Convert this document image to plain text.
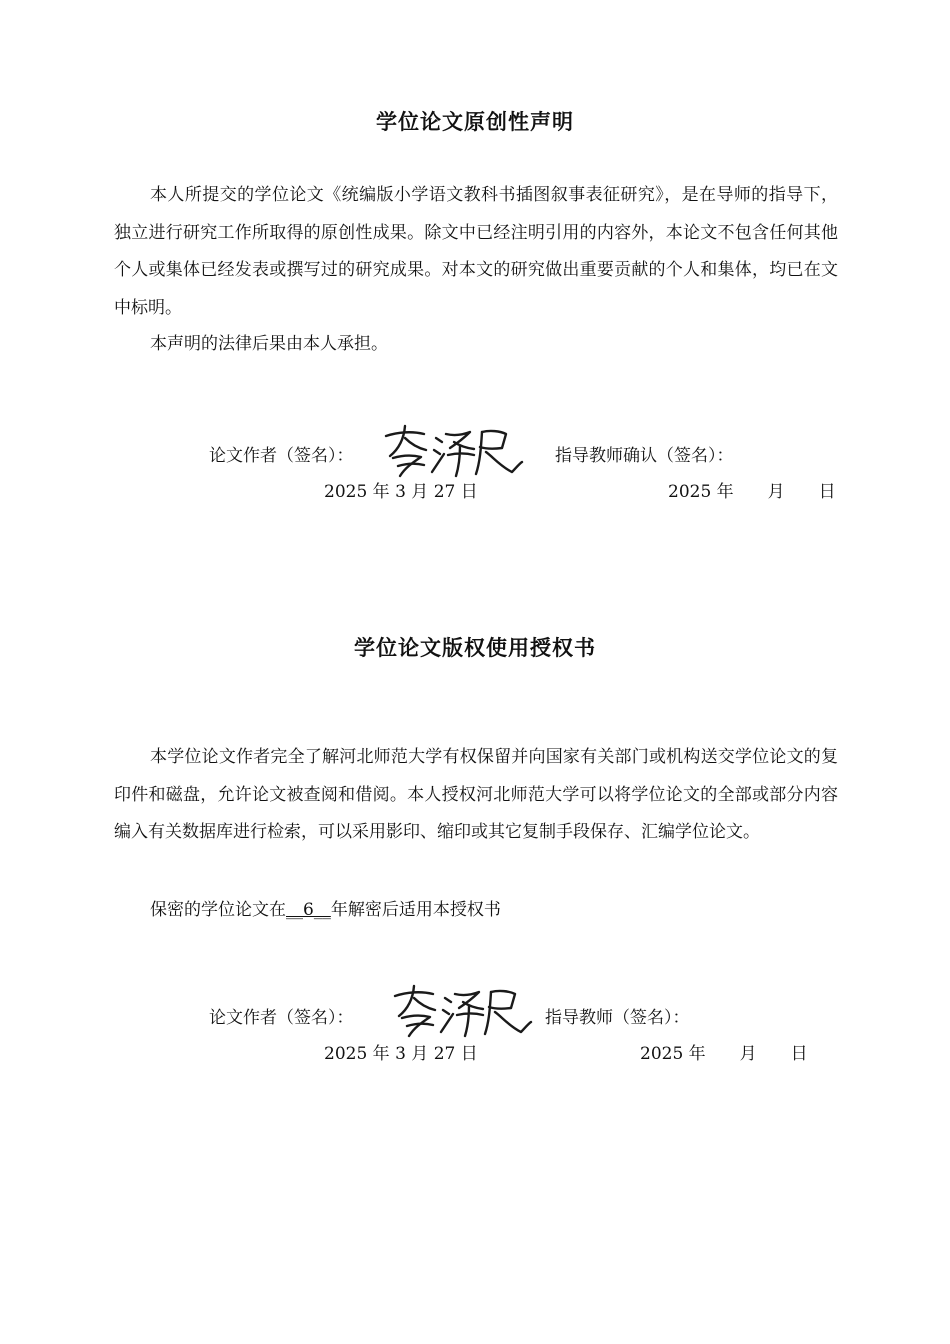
学位论文原创性声明

本人所提交的学位论文《统编版小学语文教科书插图叙事表征研究》，是在导师的指导下，独立进行研究工作所取得的原创性成果。除文中已经注明引用的内容外，本论文不包含任何其他个人或集体已经发表或撰写过的研究成果。对本文的研究做出重要贡献的个人和集体，均已在文中标明。

本声明的法律后果由本人承担。

论文作者（签名）：	指导教师确认（签名）：
2025 年 3 月 27 日	2025 年　　月　　日
学位论文版权使用授权书

本学位论文作者完全了解河北师范大学有权保留并向国家有关部门或机构送交学位论文的复印件和磁盘，允许论文被查阅和借阅。本人授权河北师范大学可以将学位论文的全部或部分内容编入有关数据库进行检索，可以采用影印、缩印或其它复制手段保存、汇编学位论文。

保密的学位论文在__6__年解密后适用本授权书
论文作者（签名）：	指导教师（签名）：
2025 年 3 月 27 日	2025 年　　月　　日
